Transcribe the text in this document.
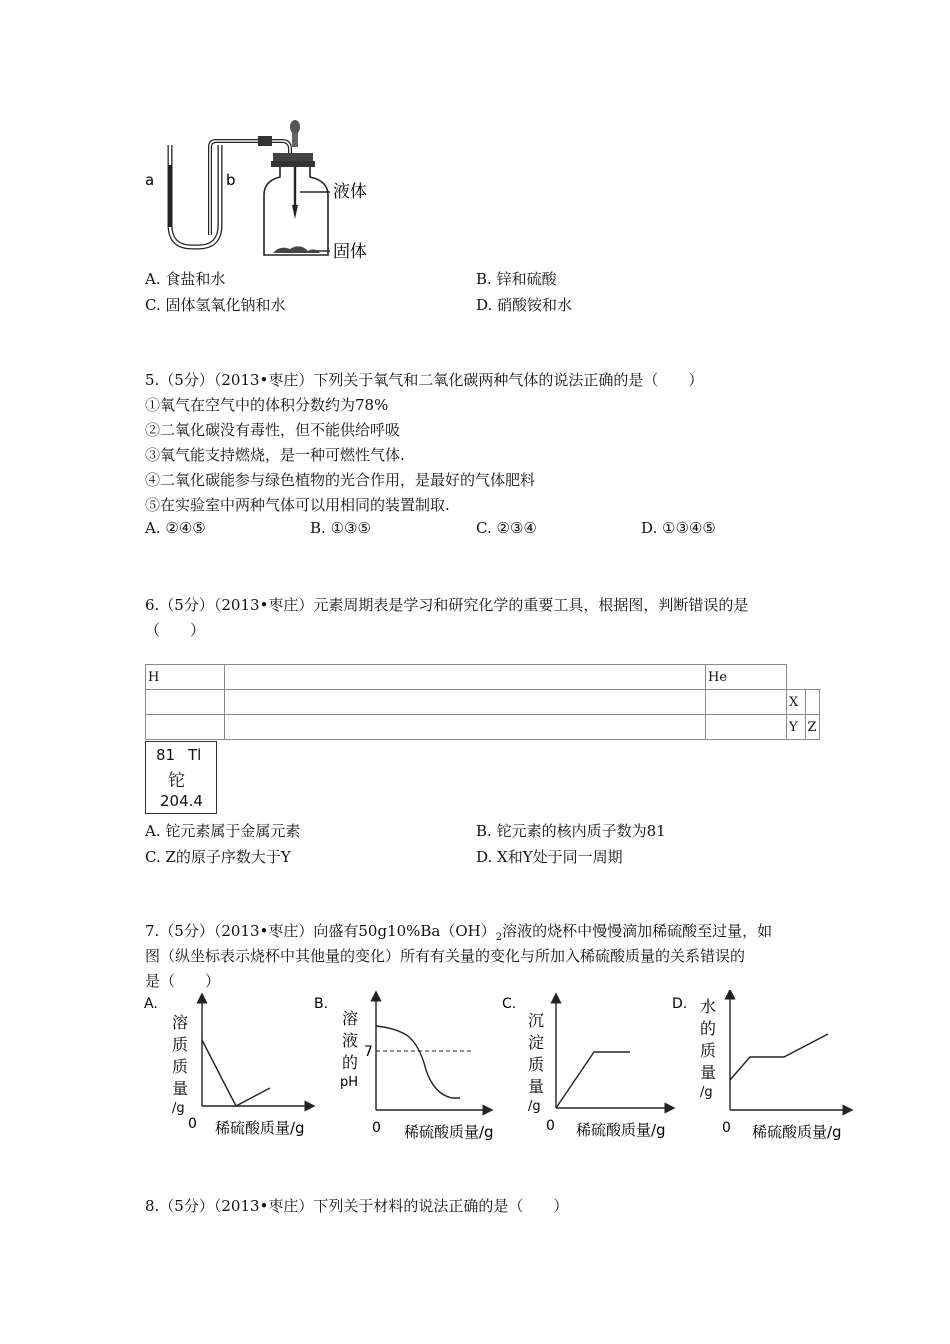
a	b
液体
固体
A. 食盐和水	B. 锌和硫酸
C. 固体氢氧化钠和水	D. 硝酸铵和水
5.（5分）（2013•枣庄）下列关于氧气和二氧化碳两种气体的说法正确的是（　　）
①氧气在空气中的体积分数约为78%
②二氧化碳没有毒性，但不能供给呼吸
③氧气能支持燃烧，是一种可燃性气体.
④二氧化碳能参与绿色植物的光合作用，是最好的气体肥料
⑤在实验室中两种气体可以用相同的装置制取.
A. ②④⑤	B. ①③⑤	C. ②③④	D. ①③④⑤
6.（5分）（2013•枣庄）元素周期表是学习和研究化学的重要工具，根据图，判断错误的是
（　　）
H		He		
			X	
			Y	Z
81 Tl
铊
204.4
A. 铊元素属于金属元素	B. 铊元素的核内质子数为81
C. Z的原子序数大于Y	D. X和Y处于同一周期
7.（5分）（2013•枣庄）向盛有$50g10\%Ba(OH)_2$溶液的烧杯中慢慢滴加稀硫酸至过量，如
图（纵坐标表示烧杯中其他量的变化）所有有关量的变化与所加入稀硫酸质量的关系错误的
是（　　）
A.
溶
质
质
量
/g
0 稀硫酸质量/g
B.
溶
液
的
pH
7
0 稀硫酸质量/g
C.
沉
淀
质
量
/g
0 稀硫酸质量/g
D. 水
的
质
量
/g
0 稀硫酸质量/g
8.（5分）（2013•枣庄）下列关于材料的说法正确的是（　　）
